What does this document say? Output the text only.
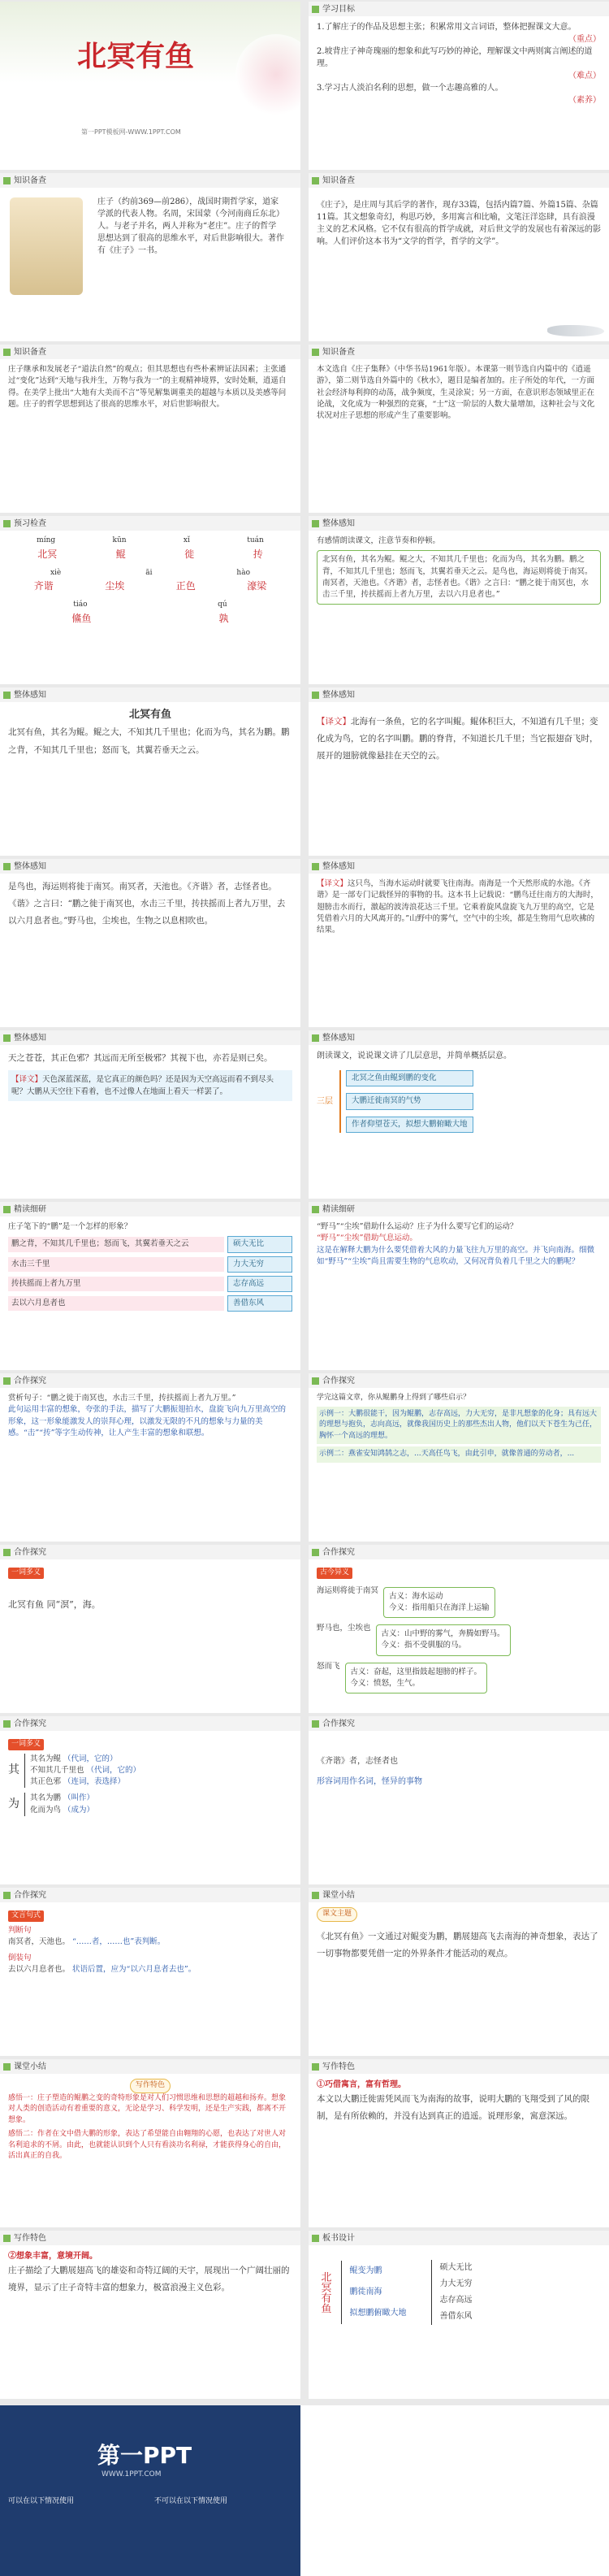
北冥有鱼
第一PPT模板网-WWW.1PPT.COM
学习目标

1.了解庄子的作品及思想主张；积累常用文言词语，整体把握课文大意。

（重点）

2.坡背庄子神奇瑰丽的想象和此写巧妙的神论，理解课文中两则寓言阐述的道理。

（难点）

3.学习古人淡泊名利的思想，做一个志趣高雅的人。

（素养）

知识备查
庄子（约前369—前286），战国时期哲学家，道家学派的代表人物。名周，宋国蒙（今河南商丘东北）人。与老子并名，两人并称为“老庄”。庄子的哲学思想达到了很高的思维水平，对后世影响很大。著作有《庄子》一书。
知识备查
《庄子》，是庄周与其后学的著作，现存33篇，包括内篇7篇、外篇15篇、杂篇11篇。其文想象奇幻，构思巧妙，多用寓言和比喻，文笔汪洋恣肆，具有浪漫主义的艺术风格。它不仅有很高的哲学成就，对后世文学的发展也有着深远的影响。人们评价这本书为“文学的哲学，哲学的文学”。
知识备查
庄子继承和发展老子“道法自然”的观点；但其思想也有些朴素辨证法因素；主张通过“变化”达到“天地与我并生，万物与我为一”的主观精神境界，安时处顺，逍遥自得。在美学上批出“大地有大美而不言”等见解集调重美的超越与本质以及美感等问题。庄子的哲学思想到达了很高的思维水平，对后世影响很大。
知识备查
本文选自《庄子集释》（中华书局1961年版）。本课第一则节选自内篇中的《逍遥游》，第二则节选自外篇中的《秋水》，题目是编者加的。庄子所处的年代，一方面社会经济每利抑的动荡，战争频度，生灵涂炭；另一方面，在意识形态领域里正在论战，文化成为一种强烈的竞赛，“士”这一阶层的人数大量增加，这种社会与文化状况对庄子思想的形成产生了重要影响。
预习检查
míng	kūn	xǐ	tuán
北冥	鲲	徙	抟
xiè	āi	hào
齐谐	尘埃	正色	濠梁
tiáo	qú
鯈鱼	孰
整体感知

有感情朗读课文，注意节奏和停顿。

北冥有鱼，其名为鲲。鲲之大，不知其几千里也；化而为鸟，其名为鹏。鹏之背，不知其几千里也；怒而飞，其翼若垂天之云。是鸟也，海运则将徙于南冥。南冥者，天池也。《齐谐》者，志怪者也。《谐》之言曰：“鹏之徙于南冥也，水击三千里，抟扶摇而上者九万里，去以六月息者也。”
整体感知

北冥有鱼

北冥有鱼，其名为鲲。鲲之大，不知其几千里也；化而为鸟，其名为鹏。鹏之背，不知其几千里也；怒而飞，其翼若垂天之云。

整体感知
【译文】北海有一条鱼，它的名字叫鲲。鲲体积巨大，不知道有几千里；变化成为鸟，它的名字叫鹏。鹏的脊背，不知道长几千里；当它振翅奋飞时，展开的翅膀就像悬挂在天空的云。
整体感知
是鸟也，海运则将徙于南冥。南冥者，天池也。《齐谐》者，志怪者也。《谐》之言曰：“鹏之徙于南冥也，水击三千里，抟扶摇而上者九万里，去以六月息者也。”野马也，尘埃也，生物之以息相吹也。
整体感知
【译文】这只鸟，当海水运动时就要飞往南海。南海是一个天然形成的水池。《齐谐》是一部专门记载怪异的事物的书。这本书上记载说：“鹏鸟迁往南方的大海时，翅膀击水而行，激起的波涛浪花达三千里。它乘着旋风盘旋飞九万里的高空，它是凭借着六月的大风离开的。”山野中的雾气，空气中的尘埃，都是生物用气息吹拂的结果。
整体感知

天之苍苍，其正色邪？其远而无所至极邪？其视下也，亦若是则已矣。

【译文】天色深蓝深蓝，是它真正的颜色吗？还是因为天空高远而看不到尽头呢？大鹏从天空往下看着，也不过像人在地面上看天一样罢了。
整体感知

朗读课文，说说课文讲了几层意思，并简单概括层意。

三层
北冥之鱼由鲲到鹏的变化
大鹏迁徙南冥的气势
作者仰望苍天，拟想大鹏俯瞰大地
精读细研

庄子笔下的“鹏”是一个怎样的形象？

鹏之背，不知其几千里也；怒而飞，其翼若垂天之云	硕大无比
水击三千里	力大无穷
抟扶摇而上者九万里	志存高远
去以六月息者也	善借东风
精读细研

“野马”“尘埃”借助什么运动？庄子为什么要写它们的运动？

“野马”“尘埃”借助气息运动。

这是在解释大鹏为什么要凭借着大风的力量飞往九万里的高空。并飞向南海。细微如“野马”“尘埃”尚且需要生物的气息吹动，又何况背负着几千里之大的鹏呢？

合作探究

赏析句子：“鹏之徙于南冥也，水击三千里，抟扶摇而上者九万里。”

此句运用丰富的想象，夸张的手法，描写了大鹏振翅拍水，盘旋飞向九万里高空的形象，这一形象能激发人的崇拜心理，以激发无限的不凡的想象与力量的美感。“击”“抟”等字生动传神，让人产生丰富的想象和联想。

合作探究

学完这篇文章，你从鲲鹏身上得到了哪些启示？

示例一：大鹏很能干，因为鲲鹏，志存高远，力大无穷，是非凡想象的化身；具有远大的理想与抱负，志向高远，就像我国历史上的那些杰出人物，他们以天下苍生为己任，胸怀一个高远的理想。
示例二：燕雀安知鸿鹄之志，...天高任鸟飞，由此引申，就像普通的劳动者，...
合作探究
一词多义

北冥有鱼 同“溟”，海。

合作探究
古今异义
海运则将徙于南冥
古义：海水运动
今义：指用船只在海洋上运输
野马也，尘埃也
古义：山中野的雾气，奔腾如野马。
今义：指不受驯服的马。
怒而飞
古义：奋起，这里指鼓起翅膀的样子。
今义：愤怒，生气。
合作探究
一词多义
其
其名为鲲 （代词，它的）
不知其几千里也 （代词，它的）
其正色邪 （连词，表选择）
为 其名为鹏 （叫作）
化而为鸟 （成为）
合作探究

《齐谐》者，志怪者也

形容词用作名词，怪异的事物

合作探究
文言句式

判断句

南冥者，天池也。 “……者，……也”表判断。

倒装句

去以六月息者也。 状语后置，应为“以六月息者去也”。

课堂小结
课文主题

《北冥有鱼》一文通过对鲲变为鹏，鹏展翅高飞去南海的神奇想象，表达了一切事物都要凭借一定的外界条件才能活动的观点。

课堂小结
写作特色

感悟一：庄子塑造的鲲鹏之变的奇特形象是对人们习惯思维和思想的超越和扬弃。想象对人类的创造活动有着重要的意义，无论是学习、科学发明，还是生产实践，都离不开想象。

感悟二：作者在文中借大鹏的形象，表达了希望能自由翱翔的心愿，也表达了对世人对名利追求的不屑。由此，也就能认识到个人只有看淡功名利禄，才能获得身心的自由，活出真正的自我。

写作特色

①巧借寓言，富有哲理。

本文以大鹏迁徙需凭风而飞为南海的故事，说明大鹏的飞翔受到了风的限制，是有所依赖的，并没有达到真正的逍遥。说理形象，寓意深远。

写作特色

②想象丰富，意境开阔。

庄子描绘了大鹏展翅高飞的雄姿和奇特辽阔的天宇，展现出一个广阔壮丽的境界，显示了庄子奇特丰富的想象力，极富浪漫主义色彩。

板书设计
北冥有鱼
鲲变为鹏
鹏徙南海
拟想鹏俯瞰大地
硕大无比
力大无穷
志存高远
善借东风
第一PPT
WWW.1PPT.COM
可以在以下情况使用	不可以在以下情况使用
